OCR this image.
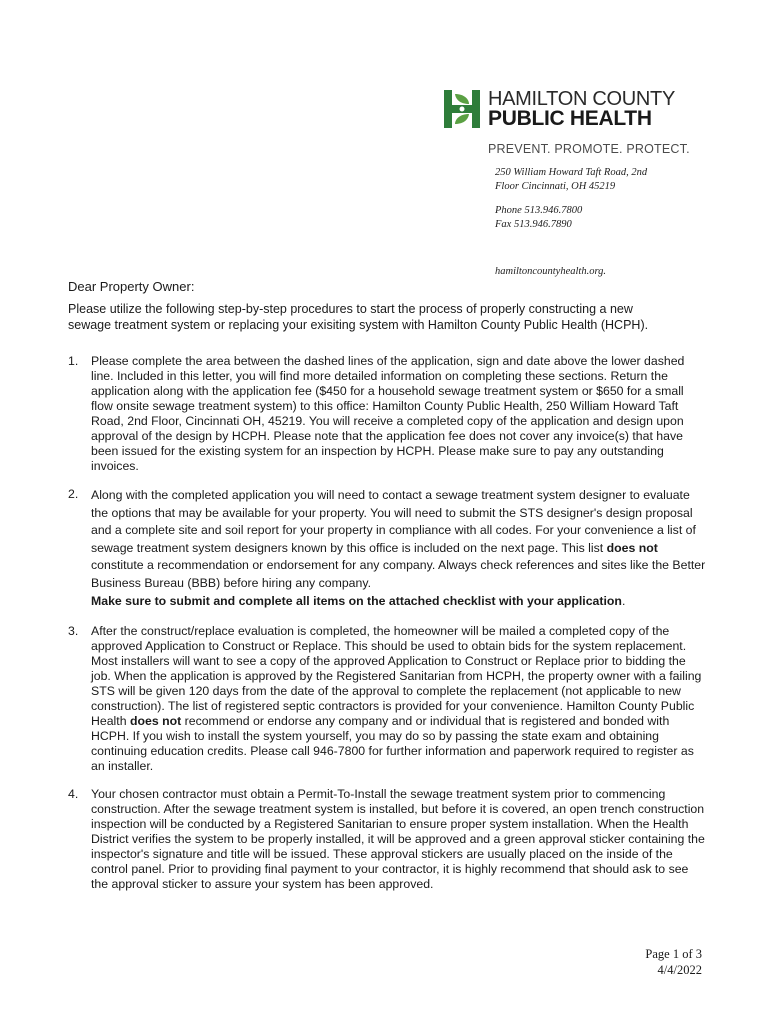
HAMILTON COUNTY
PUBLIC HEALTH
PREVENT. PROMOTE. PROTECT.
250 William Howard Taft Road, 2nd
Floor Cincinnati, OH 45219
Phone 513.946.7800
Fax 513.946.7890
hamiltoncountyhealth.org.
Dear Property Owner:
Please utilize the following step-by-step procedures to start the process of properly constructing a new sewage treatment system or replacing your exisiting system with Hamilton County Public Health (HCPH).
1.	Please complete the area between the dashed lines of the application, sign and date above the lower dashed line. Included in this letter, you will find more detailed information on completing these sections. Return the application along with the application fee ($450 for a household sewage treatment system or $650 for a small flow onsite sewage treatment system) to this office: Hamilton County Public Health, 250 William Howard Taft Road, 2nd Floor, Cincinnati OH, 45219. You will receive a completed copy of the application and design upon approval of the design by HCPH. Please note that the application fee does not cover any invoice(s) that have been issued for the existing system for an inspection by HCPH. Please make sure to pay any outstanding invoices.
2.	Along with the completed application you will need to contact a sewage treatment system designer to evaluate the options that may be available for your property. You will need to submit the STS designer's design proposal and a complete site and soil report for your property in compliance with all codes. For your convenience a list of sewage treatment system designers known by this office is included on the next page. This list does not constitute a recommendation or endorsement for any company. Always check references and sites like the Better Business Bureau (BBB) before hiring any company.
Make sure to submit and complete all items on the attached checklist with your application.
3.	After the construct/replace evaluation is completed, the homeowner will be mailed a completed copy of the approved Application to Construct or Replace. This should be used to obtain bids for the system replacement. Most installers will want to see a copy of the approved Application to Construct or Replace prior to bidding the job. When the application is approved by the Registered Sanitarian from HCPH, the property owner with a failing STS will be given 120 days from the date of the approval to complete the replacement (not applicable to new construction). The list of registered septic contractors is provided for your convenience. Hamilton County Public Health does not recommend or endorse any company and or individual that is registered and bonded with HCPH. If you wish to install the system yourself, you may do so by passing the state exam and obtaining continuing education credits. Please call 946-7800 for further information and paperwork required to register as an installer.
4.	Your chosen contractor must obtain a Permit-To-Install the sewage treatment system prior to commencing construction. After the sewage treatment system is installed, but before it is covered, an open trench construction inspection will be conducted by a Registered Sanitarian to ensure proper system installation. When the Health District verifies the system to be properly installed, it will be approved and a green approval sticker containing the inspector's signature and title will be issued. These approval stickers are usually placed on the inside of the control panel. Prior to providing final payment to your contractor, it is highly recommend that should ask to see the approval sticker to assure your system has been approved.
Page 1 of 3
4/4/2022
